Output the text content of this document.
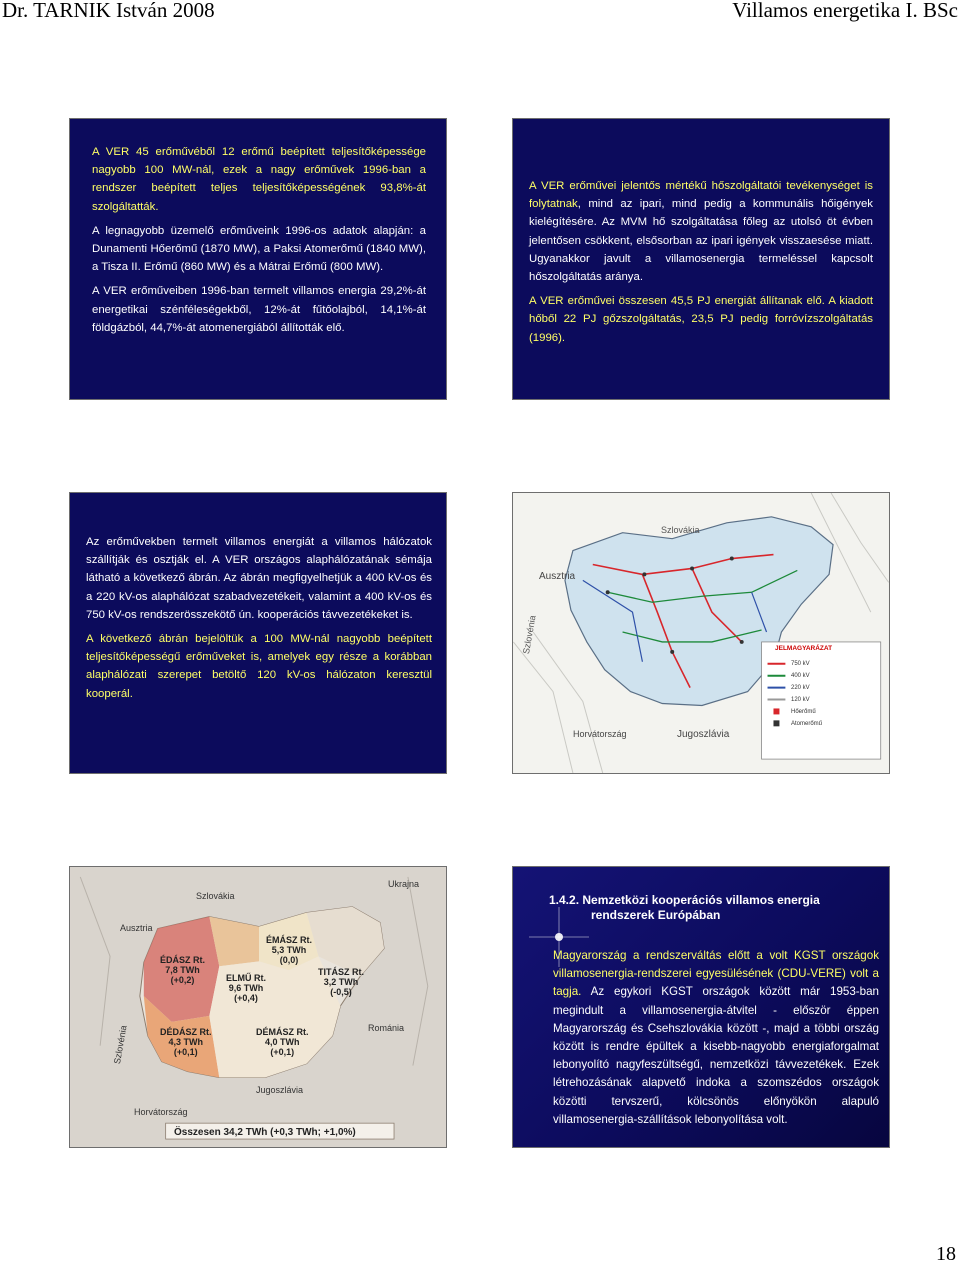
Dr. TARNIK István 2008	Villamos energetika I. BSc

A VER 45 erőművéből 12 erőmű beépített teljesítőképessége nagyobb 100 MW-nál, ezek a nagy erőművek 1996-ban a rendszer beépített teljes teljesítőképességének 93,8%-át szolgáltatták.

A legnagyobb üzemelő erőműveink 1996-os adatok alapján: a Dunamenti Hőerőmű (1870 MW), a Paksi Atomerőmű (1840 MW), a Tisza II. Erőmű (860 MW) és a Mátrai Erőmű (800 MW).

A VER erőműveiben 1996-ban termelt villamos energia 29,2%-át energetikai szénféleségekből, 12%-át fűtőolajból, 14,1%-át földgázból, 44,7%-át atomenergiából állították elő.

A VER erőművei jelentős mértékű hőszolgáltatói tevékenységet is folytatnak, mind az ipari, mind pedig a kommunális hőigények kielégítésére. Az MVM hő szolgáltatása főleg az utolsó öt évben jelentősen csökkent, elsősorban az ipari igények visszaesése miatt. Ugyanakkor javult a villamosenergia termeléssel kapcsolt hőszolgáltatás aránya.

A VER erőművei összesen 45,5 PJ energiát állítanak elő. A kiadott hőből 22 PJ gőzszolgáltatás, 23,5 PJ pedig forróvízszolgáltatás (1996).

Az erőművekben termelt villamos energiát a villamos hálózatok szállítják és osztják el. A VER országos alaphálózatának sémája látható a következő ábrán. Az ábrán megfigyelhetjük a 400 kV-os és a 220 kV-os alaphálózat szabadvezetékeit, valamint a 400 kV-os és 750 kV-os rendszerösszekötő ún. kooperációs távvezetékeket is.

A következő ábrán bejelöltük a 100 MW-nál nagyobb beépített teljesítőképességű erőműveket is, amelyek egy része a korábban alaphálózati szerepet betöltő 120 kV-os hálózaton keresztül kooperál.

Szlovákia
Ausztria
Szlovénia
Horvátország	Jugoszlávia
JELMAGYARÁZAT
750 kV
400 kV
220 kV
120 kV
Hőerőmű
Atomerőmű
Szlovákia
Ukrajna
Ausztria
Szlovénia	Románia
Jugoszlávia
Horvátország
ÉMÁSZ Rt.
5,3 TWh
(0,0)
ÉDÁSZ Rt.
7,8 TWh
(+0,2)	ELMŰ Rt.
9,6 TWh
(+0,4)
TITÁSZ Rt.
3,2 TWh
(-0,5)
DÉDÁSZ Rt.
4,3 TWh
(+0,1)
DÉMÁSZ Rt.
4,0 TWh
(+0,1)
Összesen 34,2 TWh (+0,3 TWh; +1,0%)
1.4.2. Nemzetközi kooperációs villamos energia
rendszerek Európában
Magyarország a rendszerváltás előtt a volt KGST országok villamosenergia-rendszerei egyesülésének (CDU-VERE) volt a tagja. Az egykori KGST országok között már 1953-ban megindult a villamosenergia-átvitel - először éppen Magyarország és Csehszlovákia között -, majd a többi ország között is rendre épültek a kisebb-nagyobb energiaforgalmat lebonyolító nagyfeszültségű, nemzetközi távvezetékek. Ezek létrehozásának alapvető indoka a szomszédos országok közötti tervszerű, kölcsönös előnyökön alapuló villamosenergia-szállítások lebonyolítása volt.
18
